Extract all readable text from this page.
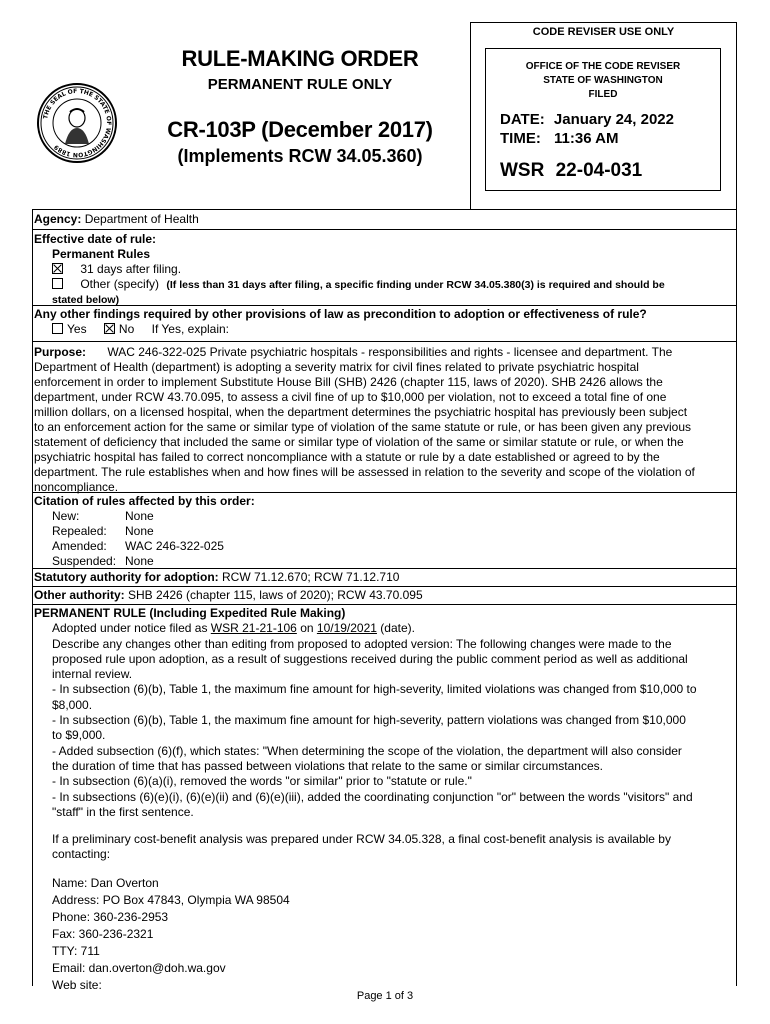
CODE REVISER USE ONLY
RULE-MAKING ORDER
PERMANENT RULE ONLY
CR-103P (December 2017)
(Implements RCW 34.05.360)
THE SEAL OF THE STATE OF WASHINGTON 1889
OFFICE OF THE CODE REVISER
STATE OF WASHINGTON
FILED
DATE: January 24, 2022
TIME: 11:36 AM
WSR 22-04-031
Agency: Department of Health
Effective date of rule:
Permanent Rules
31 days after filing.
Other (specify) (If less than 31 days after filing, a specific finding under RCW 34.05.380(3) is required and should be
stated below)
Any other findings required by other provisions of law as precondition to adoption or effectiveness of rule?
Yes	No If Yes, explain:
Purpose: WAC 246-322-025 Private psychiatric hospitals - responsibilities and rights - licensee and department. The
Department of Health (department) is adopting a severity matrix for civil fines related to private psychiatric hospital
enforcement in order to implement Substitute House Bill (SHB) 2426 (chapter 115, laws of 2020). SHB 2426 allows the
department, under RCW 43.70.095, to assess a civil fine of up to $10,000 per violation, not to exceed a total fine of one
million dollars, on a licensed hospital, when the department determines the psychiatric hospital has previously been subject
to an enforcement action for the same or similar type of violation of the same statute or rule, or has been given any previous
statement of deficiency that included the same or similar type of violation of the same or similar statute or rule, or when the
psychiatric hospital has failed to correct noncompliance with a statute or rule by a date established or agreed to by the
department. The rule establishes when and how fines will be assessed in relation to the severity and scope of the violation of
noncompliance.
Citation of rules affected by this order:
New:	None
Repealed: None
Amended: WAC 246-322-025
Suspended: None
Statutory authority for adoption: RCW 71.12.670; RCW 71.12.710
Other authority: SHB 2426 (chapter 115, laws of 2020); RCW 43.70.095
PERMANENT RULE (Including Expedited Rule Making)
Adopted under notice filed as WSR 21-21-106 on 10/19/2021 (date).
Describe any changes other than editing from proposed to adopted version: The following changes were made to the
proposed rule upon adoption, as a result of suggestions received during the public comment period as well as additional
internal review.
- In subsection (6)(b), Table 1, the maximum fine amount for high-severity, limited violations was changed from $10,000 to
$8,000.
- In subsection (6)(b), Table 1, the maximum fine amount for high-severity, pattern violations was changed from $10,000
to $9,000.
- Added subsection (6)(f), which states: "When determining the scope of the violation, the department will also consider
the duration of time that has passed between violations that relate to the same or similar circumstances.
- In subsection (6)(a)(i), removed the words "or similar" prior to "statute or rule."
- In subsections (6)(e)(i), (6)(e)(ii) and (6)(e)(iii), added the coordinating conjunction "or" between the words "visitors" and
"staff" in the first sentence.
If a preliminary cost-benefit analysis was prepared under RCW 34.05.328, a final cost-benefit analysis is available by
contacting:
Name: Dan Overton
Address: PO Box 47843, Olympia WA 98504
Phone: 360-236-2953
Fax: 360-236-2321
TTY: 711
Email: dan.overton@doh.wa.gov
Web site:
Page 1 of 3
